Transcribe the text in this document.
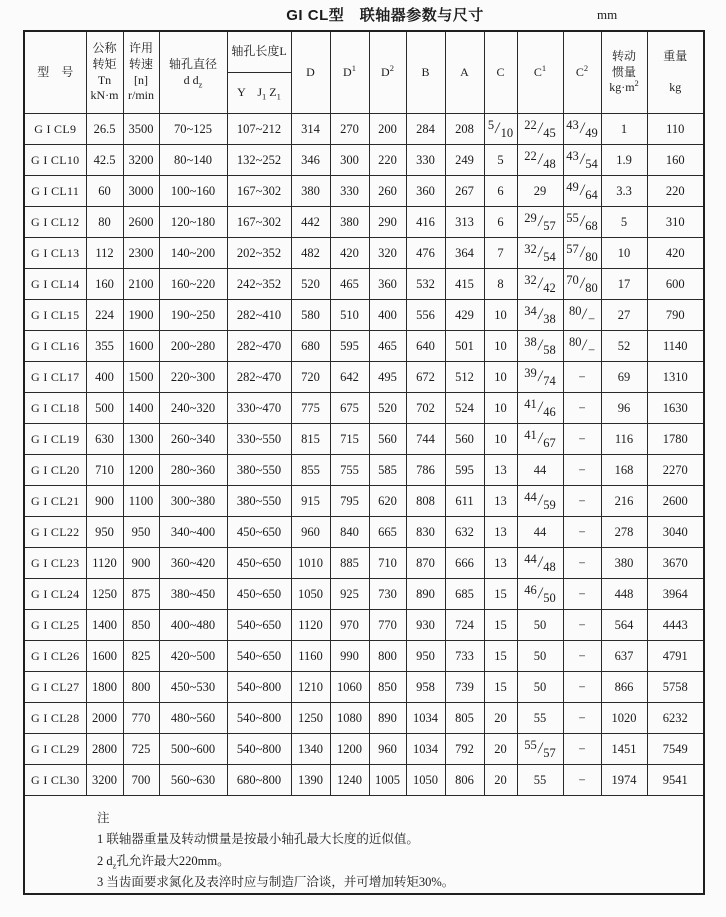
GI CL型　联轴器参数与尺寸	mm
型　号	公称
转矩
Tn
kN·m	许用
转速
[n]
r/min	轴孔直径
d $d_z$	轴孔长度L	D	$D^1$	$D^2$	B	A	C	$C^1$	$C^2$	转动
惯量
$kg\cdot m^2$	重量

kg
				Y　$J_1$ $Z_1$
G I CL9	26.5	3500	70~125	107~212	314	270	200	284	208	5/10	22/45	43/49	1	110
G I CL10	42.5	3200	80~140	132~252	346	300	220	330	249	5	22/48	43/54	1.9	160
G I CL11	60	3000	100~160	167~302	380	330	260	360	267	6	29	49/64	3.3	220
G I CL12	80	2600	120~180	167~302	442	380	290	416	313	6	29/57	55/68	5	310
G I CL13	112	2300	140~200	202~352	482	420	320	476	364	7	32/54	57/80	10	420
G I CL14	160	2100	160~220	242~352	520	465	360	532	415	8	32/42	70/80	17	600
G I CL15	224	1900	190~250	282~410	580	510	400	556	429	10	34/38	80/−	27	790
G I CL16	355	1600	200~280	282~470	680	595	465	640	501	10	38/58	80/−	52	1140
G I CL17	400	1500	220~300	282~470	720	642	495	672	512	10	39/74	−	69	1310
G I CL18	500	1400	240~320	330~470	775	675	520	702	524	10	41/46	−	96	1630
G I CL19	630	1300	260~340	330~550	815	715	560	744	560	10	41/67	−	116	1780
G I CL20	710	1200	280~360	380~550	855	755	585	786	595	13	44	−	168	2270
G I CL21	900	1100	300~380	380~550	915	795	620	808	611	13	44/59	−	216	2600
G I CL22	950	950	340~400	450~650	960	840	665	830	632	13	44	−	278	3040
G I CL23	1120	900	360~420	450~650	1010	885	710	870	666	13	44/48	−	380	3670
G I CL24	1250	875	380~450	450~650	1050	925	730	890	685	15	46/50	−	448	3964
G I CL25	1400	850	400~480	540~650	1120	970	770	930	724	15	50	−	564	4443
G I CL26	1600	825	420~500	540~650	1160	990	800	950	733	15	50	−	637	4791
G I CL27	1800	800	450~530	540~800	1210	1060	850	958	739	15	50	−	866	5758
G I CL28	2000	770	480~560	540~800	1250	1080	890	1034	805	20	55	−	1020	6232
G I CL29	2800	725	500~600	540~800	1340	1200	960	1034	792	20	55/57	−	1451	7549
G I CL30	3200	700	560~630	680~800	1390	1240	1005	1050	806	20	55	−	1974	9541

注
1 联轴器重量及转动惯量是按最小轴孔最大长度的近似值。
2 $d_z$孔允许最大220mm。
3 当齿面要求氮化及表淬时应与制造厂洽谈，并可增加转矩30%。														
